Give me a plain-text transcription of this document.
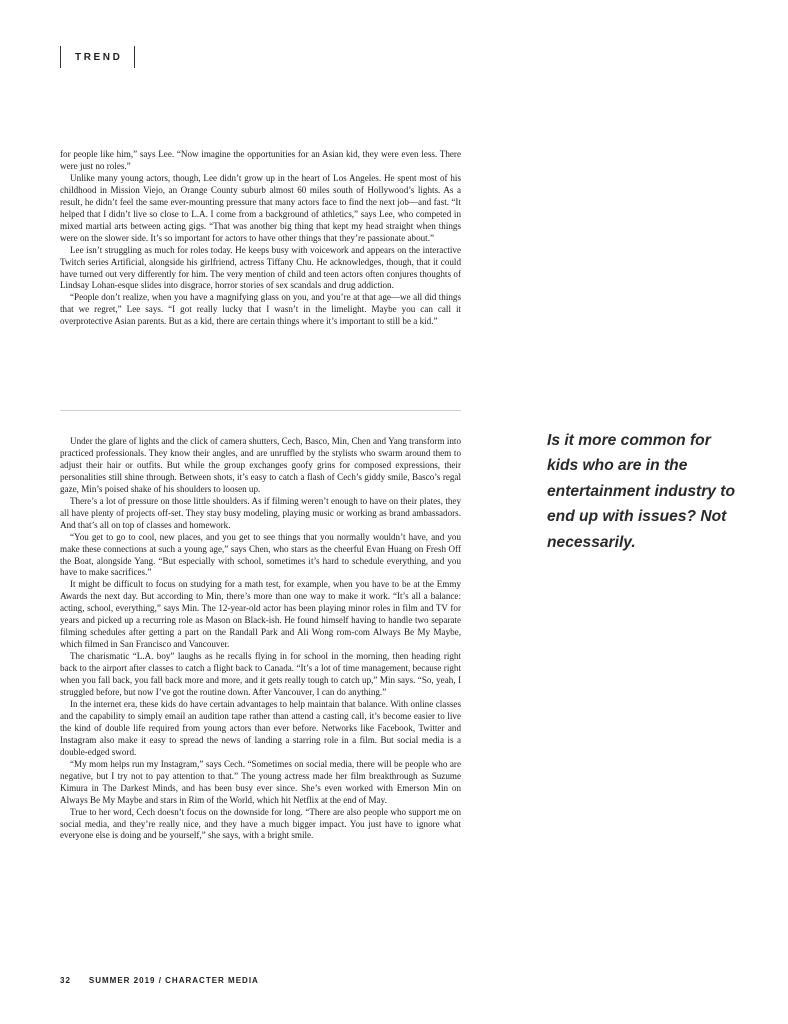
TREND

for people like him,” says Lee. “Now imagine the opportunities for an Asian kid, they were even less. There were just no roles.”

Unlike many young actors, though, Lee didn’t grow up in the heart of Los Angeles. He spent most of his childhood in Mission Viejo, an Orange County suburb almost 60 miles south of Hollywood’s lights. As a result, he didn’t feel the same ever-mounting pressure that many actors face to find the next job—and fast. “It helped that I didn’t live so close to L.A. I come from a background of athletics,” says Lee, who competed in mixed martial arts between acting gigs. “That was another big thing that kept my head straight when things were on the slower side. It’s so important for actors to have other things that they’re passionate about.”

Lee isn’t struggling as much for roles today. He keeps busy with voicework and appears on the interactive Twitch series Artificial, alongside his girlfriend, actress Tiffany Chu. He acknowledges, though, that it could have turned out very differently for him. The very mention of child and teen actors often conjures thoughts of Lindsay Lohan-esque slides into disgrace, horror stories of sex scandals and drug addiction.

“People don’t realize, when you have a magnifying glass on you, and you’re at that age—we all did things that we regret,” Lee says. “I got really lucky that I wasn’t in the limelight. Maybe you can call it overprotective Asian parents. But as a kid, there are certain things where it’s important to still be a kid.”

Under the glare of lights and the click of camera shutters, Cech, Basco, Min, Chen and Yang transform into practiced professionals. They know their angles, and are unruffled by the stylists who swarm around them to adjust their hair or outfits. But while the group exchanges goofy grins for composed expressions, their personalities still shine through. Between shots, it’s easy to catch a flash of Cech’s giddy smile, Basco’s regal gaze, Min’s poised shake of his shoulders to loosen up.

There’s a lot of pressure on those little shoulders. As if filming weren’t enough to have on their plates, they all have plenty of projects off-set. They stay busy modeling, playing music or working as brand ambassadors. And that’s all on top of classes and homework.

“You get to go to cool, new places, and you get to see things that you normally wouldn’t have, and you make these connections at such a young age,” says Chen, who stars as the cheerful Evan Huang on Fresh Off the Boat, alongside Yang. “But especially with school, sometimes it’s hard to schedule everything, and you have to make sacrifices.”

It might be difficult to focus on studying for a math test, for example, when you have to be at the Emmy Awards the next day. But according to Min, there’s more than one way to make it work. “It’s all a balance: acting, school, everything,” says Min. The 12-year-old actor has been playing minor roles in film and TV for years and picked up a recurring role as Mason on Black-ish. He found himself having to handle two separate filming schedules after getting a part on the Randall Park and Ali Wong rom-com Always Be My Maybe, which filmed in San Francisco and Vancouver.

The charismatic “L.A. boy” laughs as he recalls flying in for school in the morning, then heading right back to the airport after classes to catch a flight back to Canada. “It’s a lot of time management, because right when you fall back, you fall back more and more, and it gets really tough to catch up,” Min says. “So, yeah, I struggled before, but now I’ve got the routine down. After Vancouver, I can do anything.”

In the internet era, these kids do have certain advantages to help maintain that balance. With online classes and the capability to simply email an audition tape rather than attend a casting call, it’s become easier to live the kind of double life required from young actors than ever before. Networks like Facebook, Twitter and Instagram also make it easy to spread the news of landing a starring role in a film. But social media is a double-edged sword.

“My mom helps run my Instagram,” says Cech. “Sometimes on social media, there will be people who are negative, but I try not to pay attention to that.” The young actress made her film breakthrough as Suzume Kimura in The Darkest Minds, and has been busy ever since. She’s even worked with Emerson Min on Always Be My Maybe and stars in Rim of the World, which hit Netflix at the end of May.

True to her word, Cech doesn’t focus on the downside for long. “There are also people who support me on social media, and they’re really nice, and they have a much bigger impact. You just have to ignore what everyone else is doing and be yourself,” she says, with a bright smile.

Is it more common for kids who are in the entertainment industry to end up with issues? Not necessarily.

32 SUMMER 2019 / CHARACTER MEDIA
